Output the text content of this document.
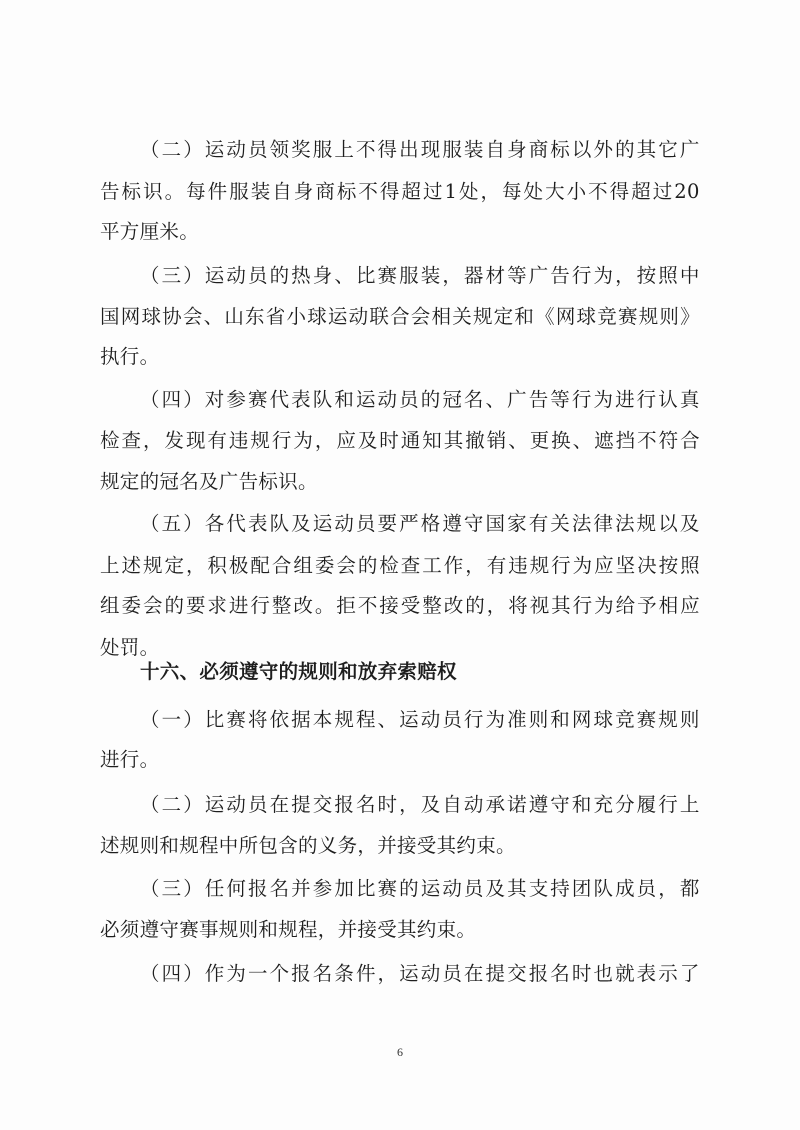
（ 二 ） 运 动 员 领 奖 服 上 不 得 出 现 服 装 自 身 商 标 以 外 的 其 它 广
告 标 识 。 每 件 服 装 自 身 商 标 不 得 超 过 1 处 ， 每 处 大 小 不 得 超 过 20
平方厘米。
（ 三 ） 运 动 员 的 热 身 、 比 赛 服 装 ， 器 材 等 广 告 行 为 ， 按 照 中
国 网 球 协 会 、 山 东 省 小 球 运 动 联 合 会 相 关 规 定 和 《 网 球 竞 赛 规 则 》
执行。
（ 四 ） 对 参 赛 代 表 队 和 运 动 员 的 冠 名 、 广 告 等 行 为 进 行 认 真
检 查 ， 发 现 有 违 规 行 为 ， 应 及 时 通 知 其 撤 销 、 更 换 、 遮 挡 不 符 合
规定的冠名及广告标识。
（ 五 ） 各 代 表 队 及 运 动 员 要 严 格 遵 守 国 家 有 关 法 律 法 规 以 及
上 述 规 定 ， 积 极 配 合 组 委 会 的 检 查 工 作 ， 有 违 规 行 为 应 坚 决 按 照
组 委 会 的 要 求 进 行 整 改 。 拒 不 接 受 整 改 的 ， 将 视 其 行 为 给 予 相 应
处罚。
十六、必须遵守的规则和放弃索赔权
（ 一 ） 比 赛 将 依 据 本 规 程 、 运 动 员 行 为 准 则 和 网 球 竞 赛 规 则
进行。
（ 二 ） 运 动 员 在 提 交 报 名 时 ， 及 自 动 承 诺 遵 守 和 充 分 履 行 上
述规则和规程中所包含的义务，并接受其约束。
（ 三 ） 任 何 报 名 并 参 加 比 赛 的 运 动 员 及 其 支 持 团 队 成 员 ， 都
必须遵守赛事规则和规程，并接受其约束。
（ 四 ） 作 为 一 个 报 名 条 件 ， 运 动 员 在 提 交 报 名 时 也 就 表 示 了
6
